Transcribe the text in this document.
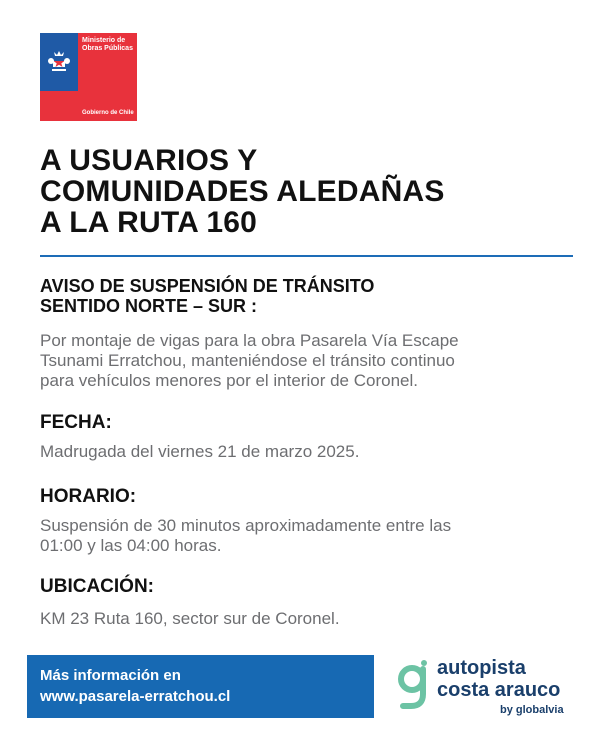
Ministerio de Obras Públicas
Gobierno de Chile
A USUARIOS Y
COMUNIDADES ALEDAÑAS
A LA RUTA 160
AVISO DE SUSPENSIÓN DE TRÁNSITO
SENTIDO NORTE – SUR :
Por montaje de vigas para la obra Pasarela Vía Escape
Tsunami Erratchou, manteniéndose el tránsito continuo
para vehículos menores por el interior de Coronel.
FECHA:
Madrugada del viernes 21 de marzo 2025.
HORARIO:
Suspensión de 30 minutos aproximadamente entre las
01:00 y las 04:00 horas.
UBICACIÓN:
KM 23 Ruta 160, sector sur de Coronel.
Más información en
www.pasarela-erratchou.cl
autopista
costa arauco
by globalvia
